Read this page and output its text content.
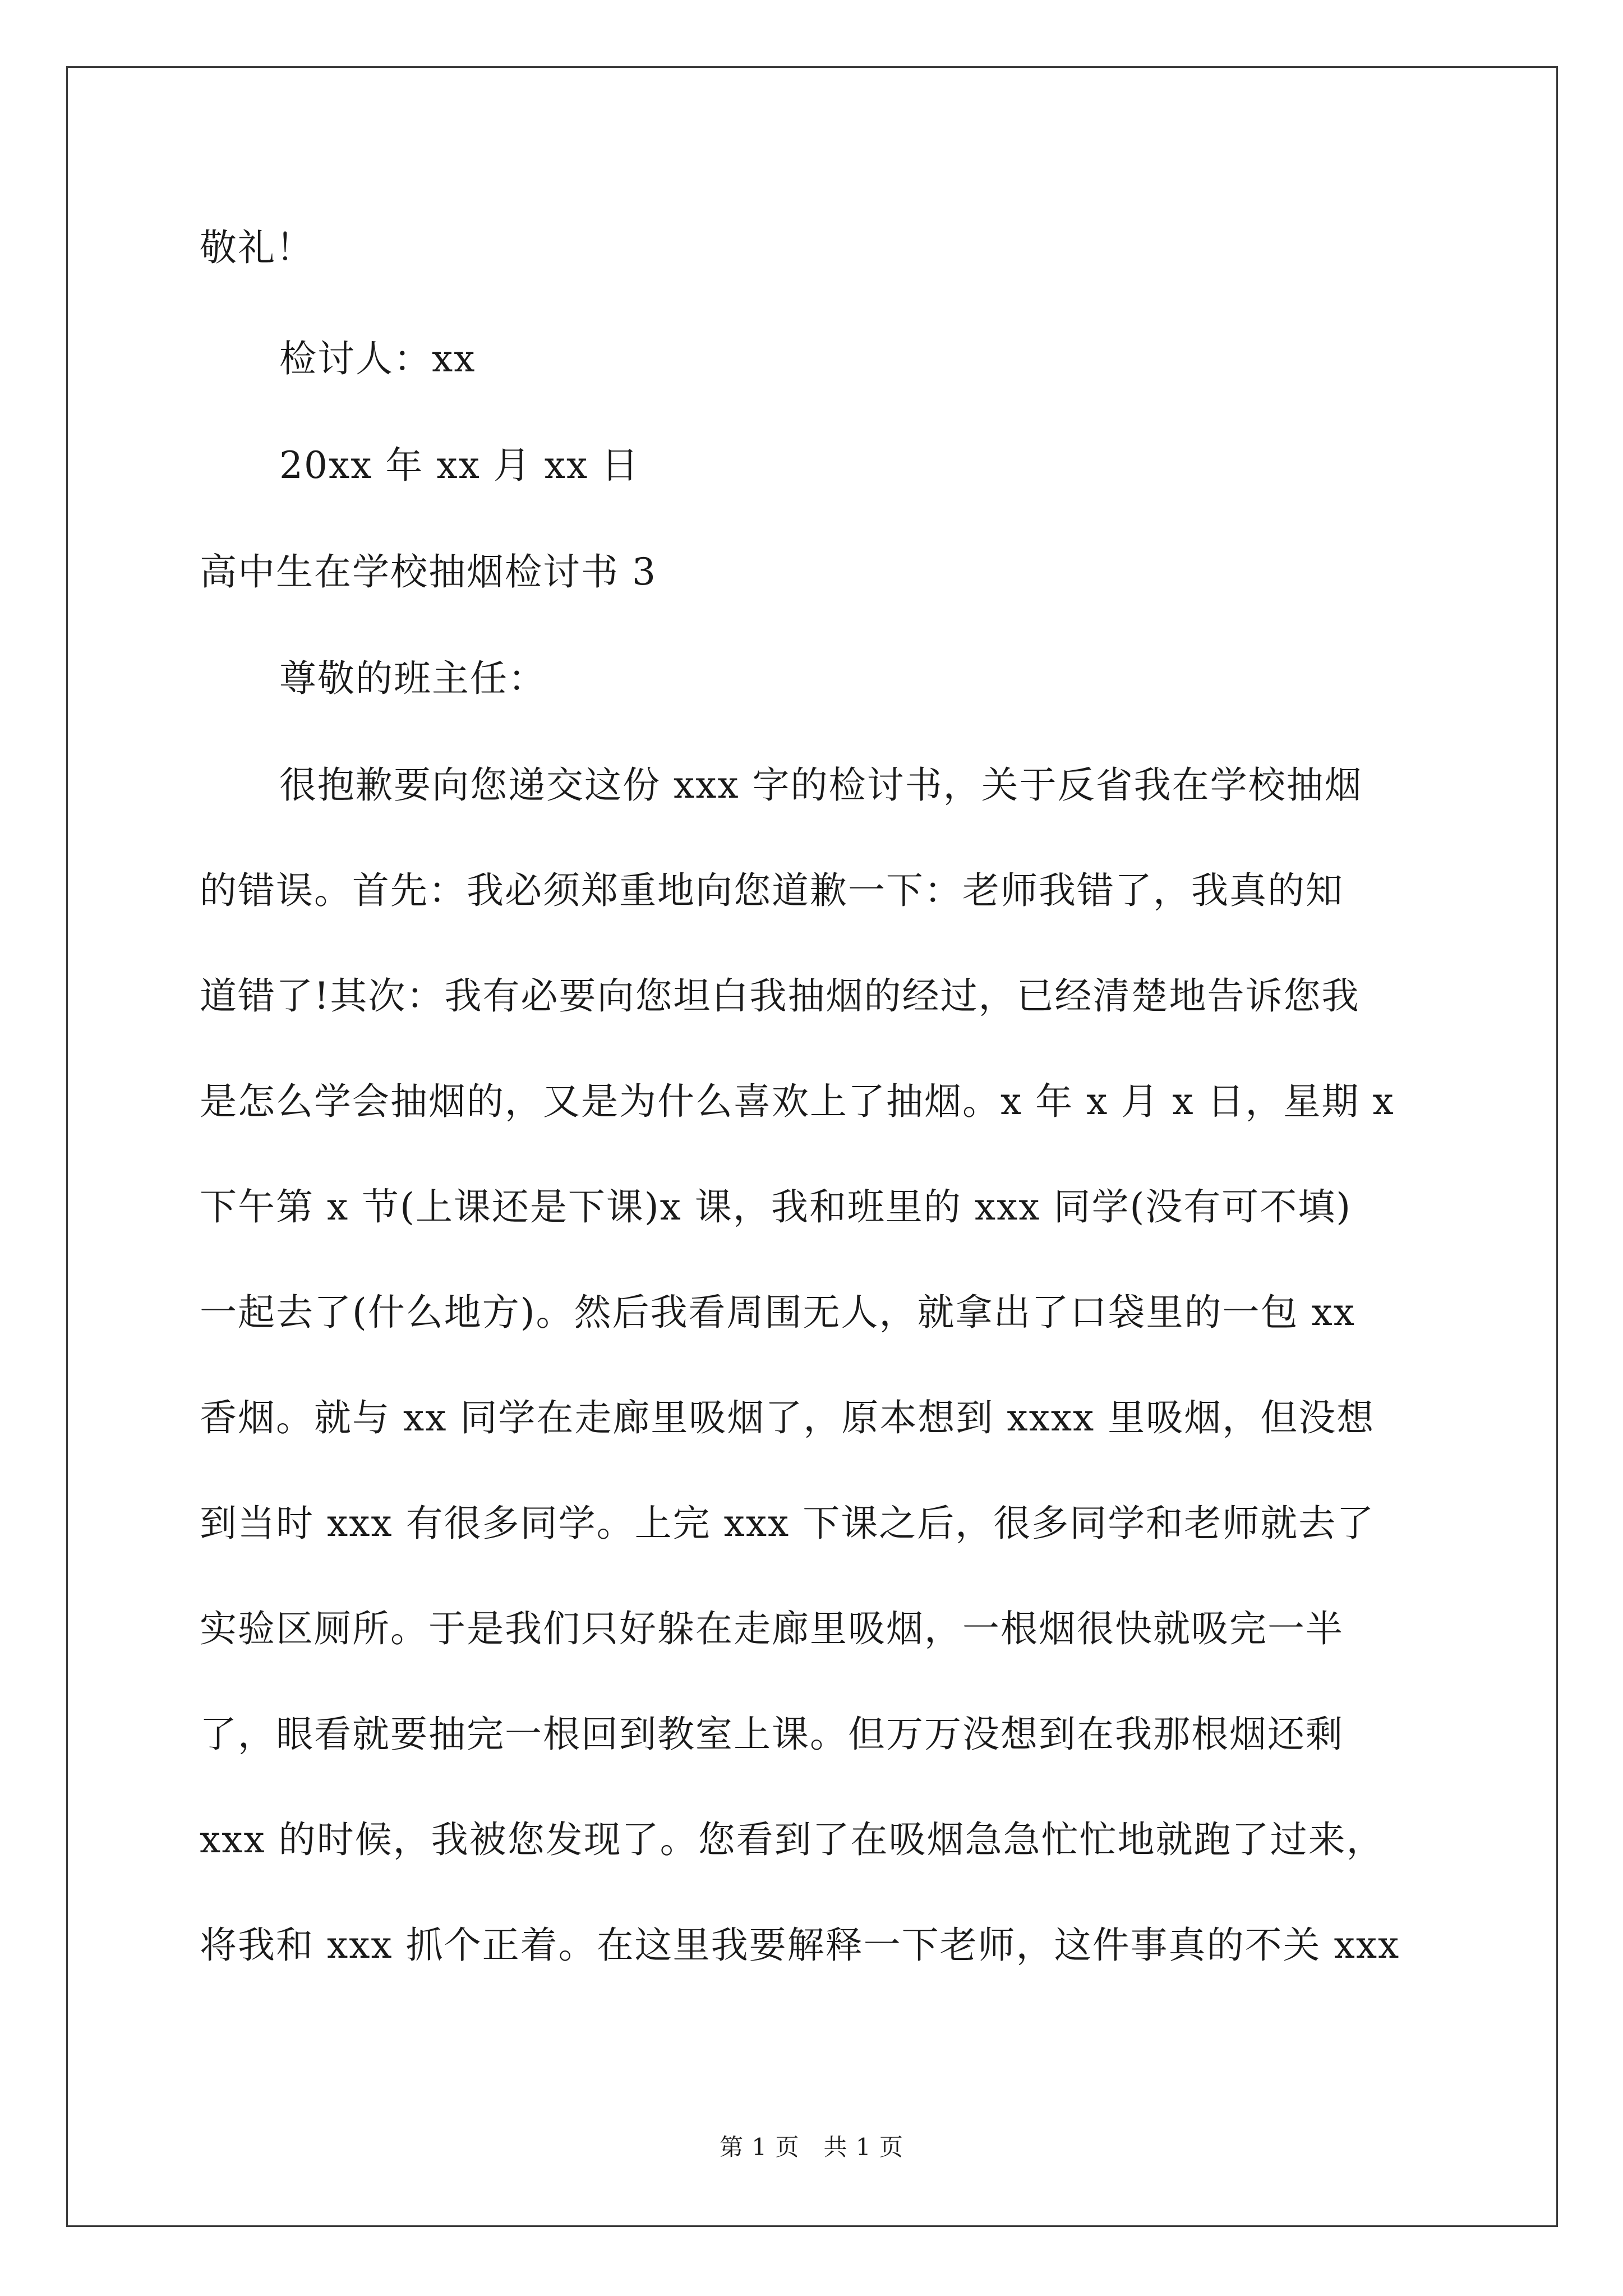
敬礼！
检讨人：xx
20xx 年 xx 月 xx 日
高中生在学校抽烟检讨书 3
尊敬的班主任：
很抱歉要向您递交这份 xxx 字的检讨书，关于反省我在学校抽烟
的错误。首先：我必须郑重地向您道歉一下：老师我错了，我真的知
道错了!其次：我有必要向您坦白我抽烟的经过，已经清楚地告诉您我
是怎么学会抽烟的，又是为什么喜欢上了抽烟。x 年 x 月 x 日，星期 x
下午第 x 节(上课还是下课)x 课，我和班里的 xxx 同学(没有可不填)
一起去了(什么地方)。然后我看周围无人，就拿出了口袋里的一包 xx
香烟。就与 xx 同学在走廊里吸烟了，原本想到 xxxx 里吸烟，但没想
到当时 xxx 有很多同学。上完 xxx 下课之后，很多同学和老师就去了
实验区厕所。于是我们只好躲在走廊里吸烟，一根烟很快就吸完一半
了，眼看就要抽完一根回到教室上课。但万万没想到在我那根烟还剩
xxx 的时候，我被您发现了。您看到了在吸烟急急忙忙地就跑了过来，
将我和 xxx 抓个正着。在这里我要解释一下老师，这件事真的不关 xxx
第 1 页　共 1 页
